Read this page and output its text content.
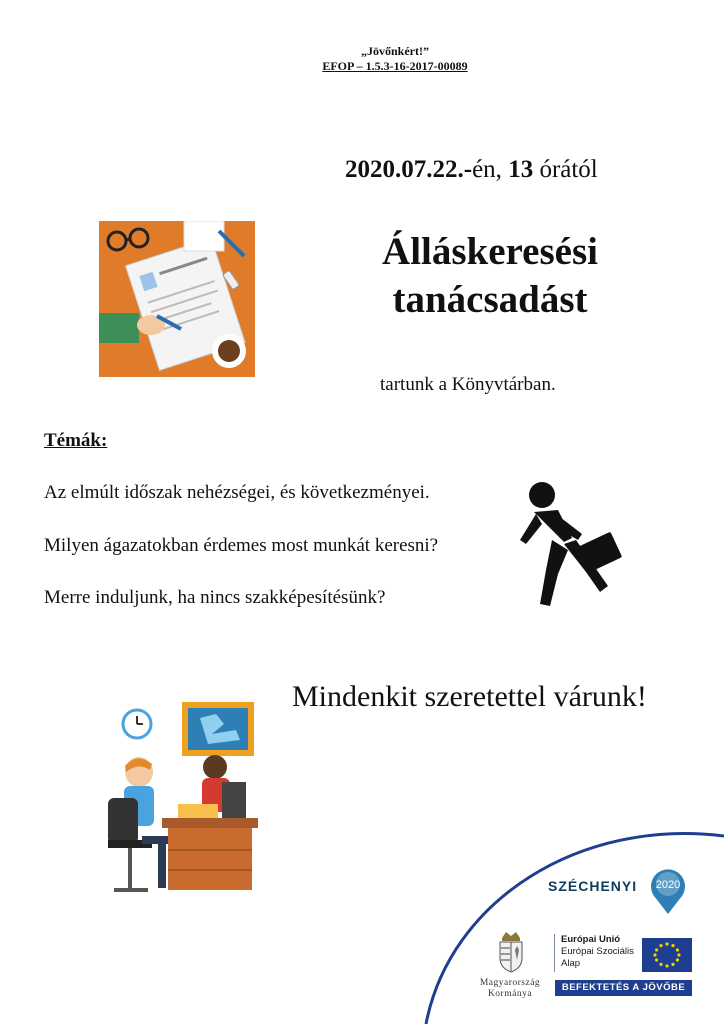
„Jövőnkért!”
EFOP – 1.5.3-16-2017-00089
2020.07.22.-én, 13 órától
Álláskeresési
tanácsadást
tartunk a Könyvtárban.
Témák:
Az elmúlt időszak nehézségei, és következményei.
Milyen ágazatokban érdemes most munkát keresni?
Merre induljunk, ha nincs szakképesítésünk?
Mindenkit szeretettel várunk!
SZÉCHENYI 2020
Magyarország
Kormánya
Európai Unió
Európai Szociális
Alap
BEFEKTETÉS A JÖVŐBE
